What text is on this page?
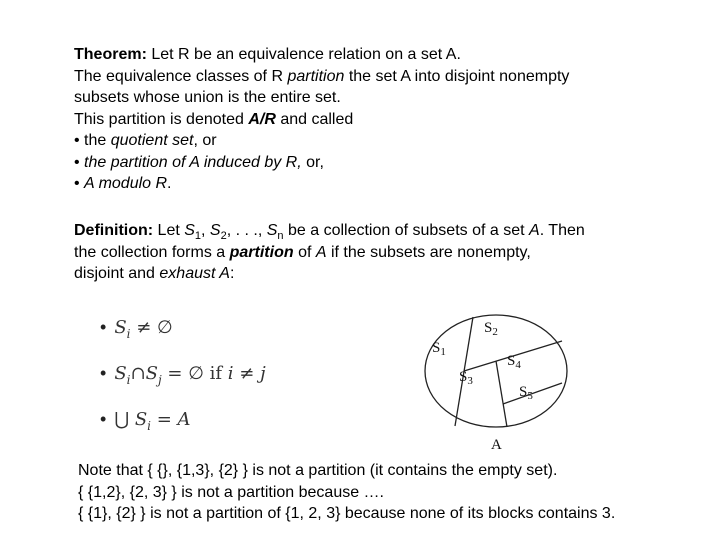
Theorem: Let R be an equivalence relation on a set A.
The equivalence classes of R partition the set A into disjoint nonempty
subsets whose union is the entire set.
This partition is denoted A/R and called
• the quotient set, or
• the partition of A induced by R, or,
• A modulo R.
Definition: Let $S_1$, $S_2$, . . ., $S_n$ be a collection of subsets of a set A. Then
the collection forms a partition of A if the subsets are nonempty,
disjoint and exhaust A:
• $S_i$ ≠ ∅
• $S_i\cap S_j$ = ∅ if i ≠ j
• ⋃ $S_i = A$
$S_2$
$S_1$
$S_4$
$S_3$
$S_5$
A
Note that { {}, {1,3}, {2} } is not a partition (it contains the empty set).
{ {1,2}, {2, 3} } is not a partition because ….
{ {1}, {2} } is not a partition of {1, 2, 3} because none of its blocks contains 3.
